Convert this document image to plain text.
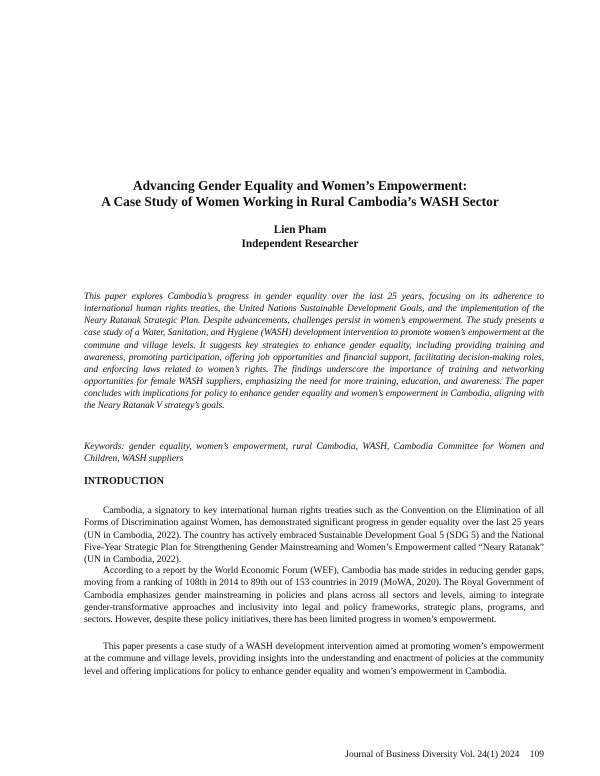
Advancing Gender Equality and Women’s Empowerment:
A Case Study of Women Working in Rural Cambodia’s WASH Sector
Lien Pham
Independent Researcher

This paper explores Cambodia’s progress in gender equality over the last 25 years, focusing on its adherence to international human rights treaties, the United Nations Sustainable Development Goals, and the implementation of the Neary Ratanak Strategic Plan. Despite advancements, challenges persist in women’s empowerment. The study presents a case study of a Water, Sanitation, and Hygiene (WASH) development intervention to promote women’s empowerment at the commune and village levels. It suggests key strategies to enhance gender equality, including providing training and awareness, promoting participation, offering job opportunities and financial support, facilitating decision-making roles, and enforcing laws related to women’s rights. The findings underscore the importance of training and networking opportunities for female WASH suppliers, emphasizing the need for more training, education, and awareness. The paper concludes with implications for policy to enhance gender equality and women’s empowerment in Cambodia, aligning with the Neary Ratanak V strategy’s goals.

Keywords: gender equality, women’s empowerment, rural Cambodia, WASH, Cambodia Committee for Women and Children, WASH suppliers

INTRODUCTION

Cambodia, a signatory to key international human rights treaties such as the Convention on the Elimination of all Forms of Discrimination against Women, has demonstrated significant progress in gender equality over the last 25 years (UN in Cambodia, 2022). The country has actively embraced Sustainable Development Goal 5 (SDG 5) and the National Five-Year Strategic Plan for Strengthening Gender Mainstreaming and Women’s Empowerment called “Neary Ratanak” (UN in Cambodia, 2022).

According to a report by the World Economic Forum (WEF), Cambodia has made strides in reducing gender gaps, moving from a ranking of 108th in 2014 to 89th out of 153 countries in 2019 (MoWA, 2020). The Royal Government of Cambodia emphasizes gender mainstreaming in policies and plans across all sectors and levels, aiming to integrate gender-transformative approaches and inclusivity into legal and policy frameworks, strategic plans, programs, and sectors. However, despite these policy initiatives, there has been limited progress in women’s empowerment.

This paper presents a case study of a WASH development intervention aimed at promoting women’s empowerment at the commune and village levels, providing insights into the understanding and enactment of policies at the community level and offering implications for policy to enhance gender equality and women’s empowerment in Cambodia.

Journal of Business Diversity Vol. 24(1) 2024 109
